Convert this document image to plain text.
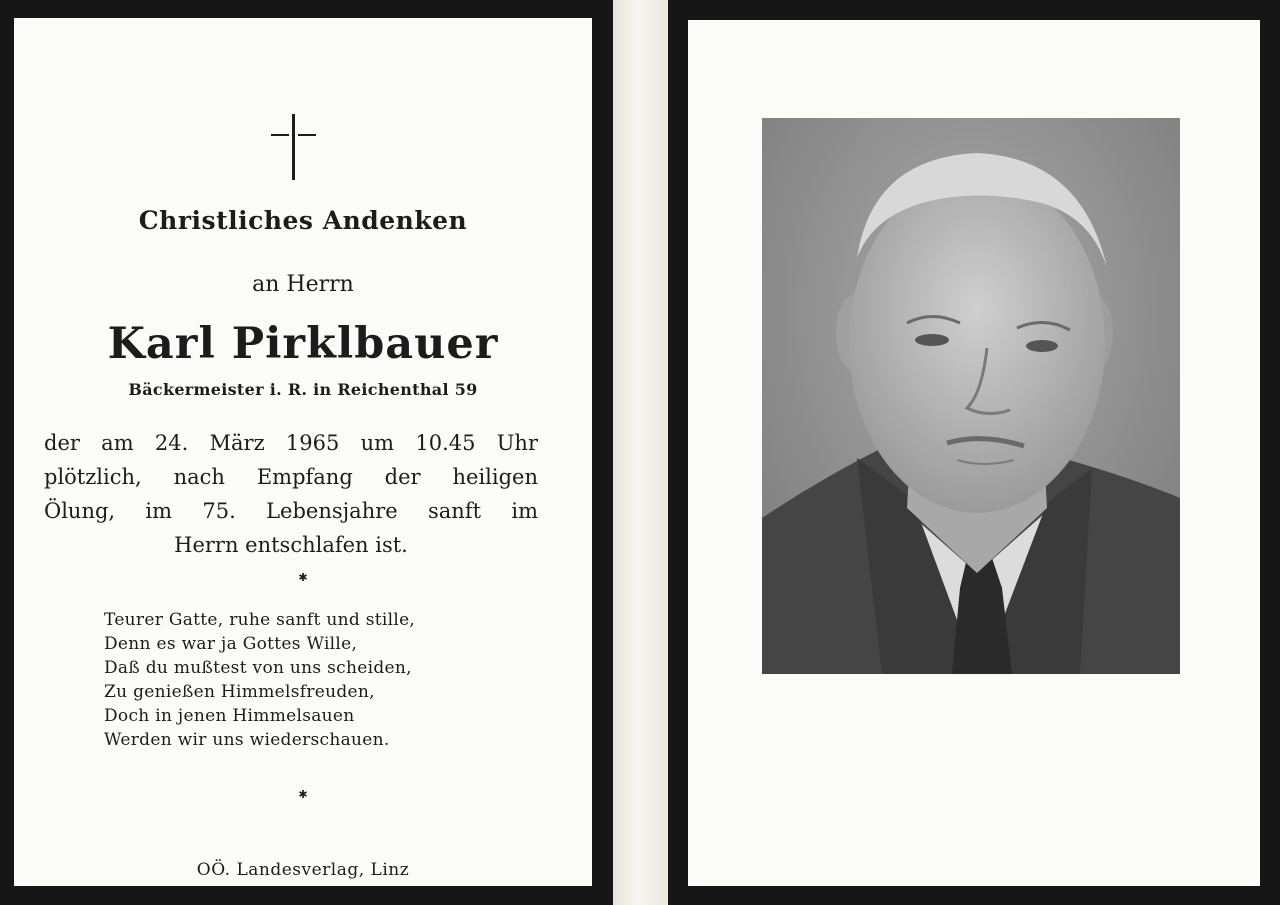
Christliches Andenken
an Herrn
Karl Pirklbauer
Bäckermeister i. R. in Reichenthal 59
der am 24. März 1965 um 10.45 Uhr
plötzlich, nach Empfang der heiligen
Ölung, im 75. Lebensjahre sanft im
Herrn entschlafen ist.
✱
Teurer Gatte, ruhe sanft und stille,
Denn es war ja Gottes Wille,
Daß du mußtest von uns scheiden,
Zu genießen Himmelsfreuden,
Doch in jenen Himmelsauen
Werden wir uns wiederschauen.
✱
OÖ. Landesverlag, Linz
